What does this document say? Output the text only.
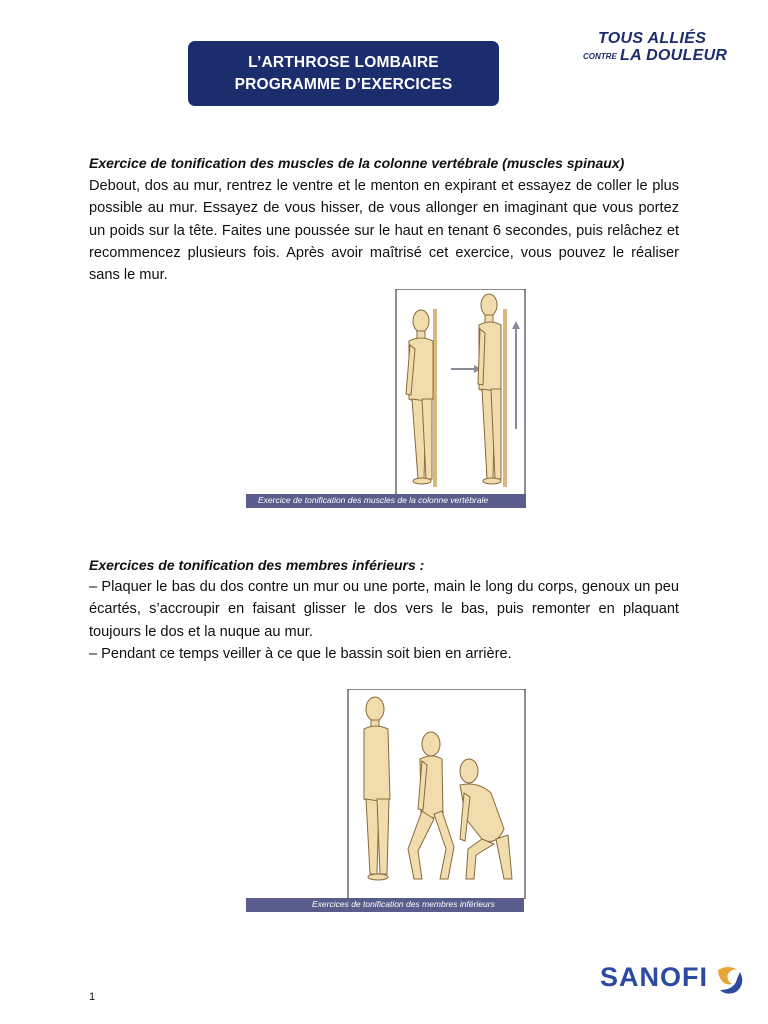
L’ARTHROSE LOMBAIRE
PROGRAMME D’EXERCICES
TOUS ALLIÉS
CONTRE LA DOULEUR
Exercice de tonification des muscles de la colonne vertébrale (muscles spinaux)

Debout, dos au mur, rentrez le ventre et le menton en expirant et essayez de coller le plus possible au mur. Essayez de vous hisser, de vous allonger en imaginant que vous portez un poids sur la tête. Faites une poussée sur le haut en tenant 6 secondes, puis relâchez et recommencez plusieurs fois. Après avoir maîtrisé cet exercice, vous pouvez le réaliser sans le mur.

Exercice de tonification des muscles de la colonne vertébrale
Exercices de tonification des membres inférieurs :

– Plaquer le bas du dos contre un mur ou une porte, main le long du corps, genoux un peu écartés, s’accroupir en faisant glisser le dos vers le bas, puis remonter en plaquant toujours le dos et la nuque au mur.

– Pendant ce temps veiller à ce que le bassin soit bien en arrière.

Exercices de tonification des membres inférieurs
1
SANOFI
